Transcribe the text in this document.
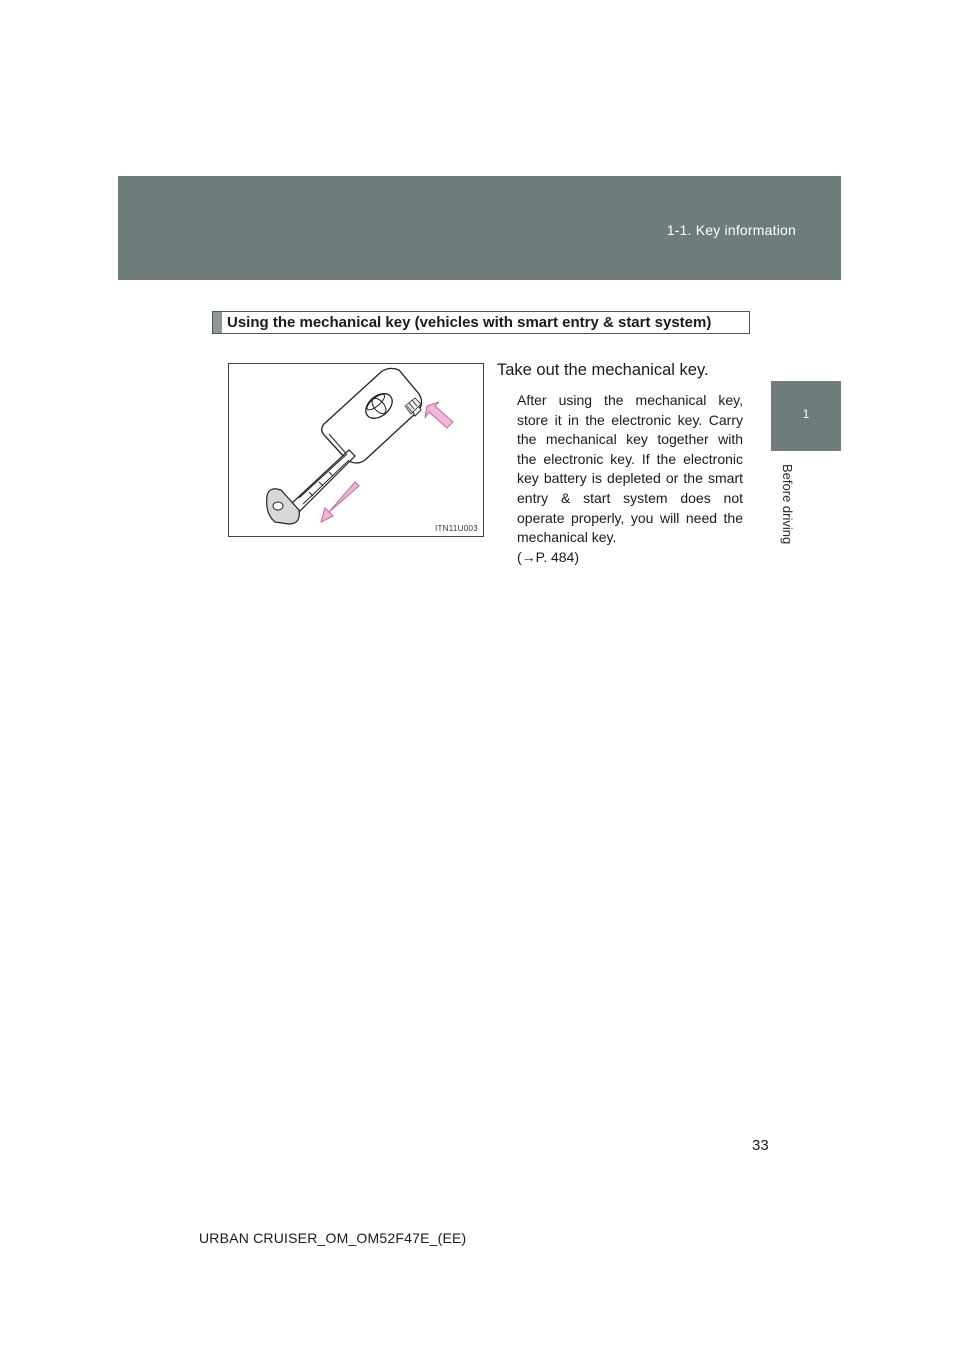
1-1. Key information
1
Before driving
Using the mechanical key (vehicles with smart entry & start system)
ITN11U003
Take out the mechanical key.
After using the mechanical key, store it in the electronic key. Carry the mechanical key together with the electronic key. If the electronic key battery is depleted or the smart entry & start system does not operate properly, you will need the mechanical key.
(→P. 484)
33
URBAN CRUISER_OM_OM52F47E_(EE)
